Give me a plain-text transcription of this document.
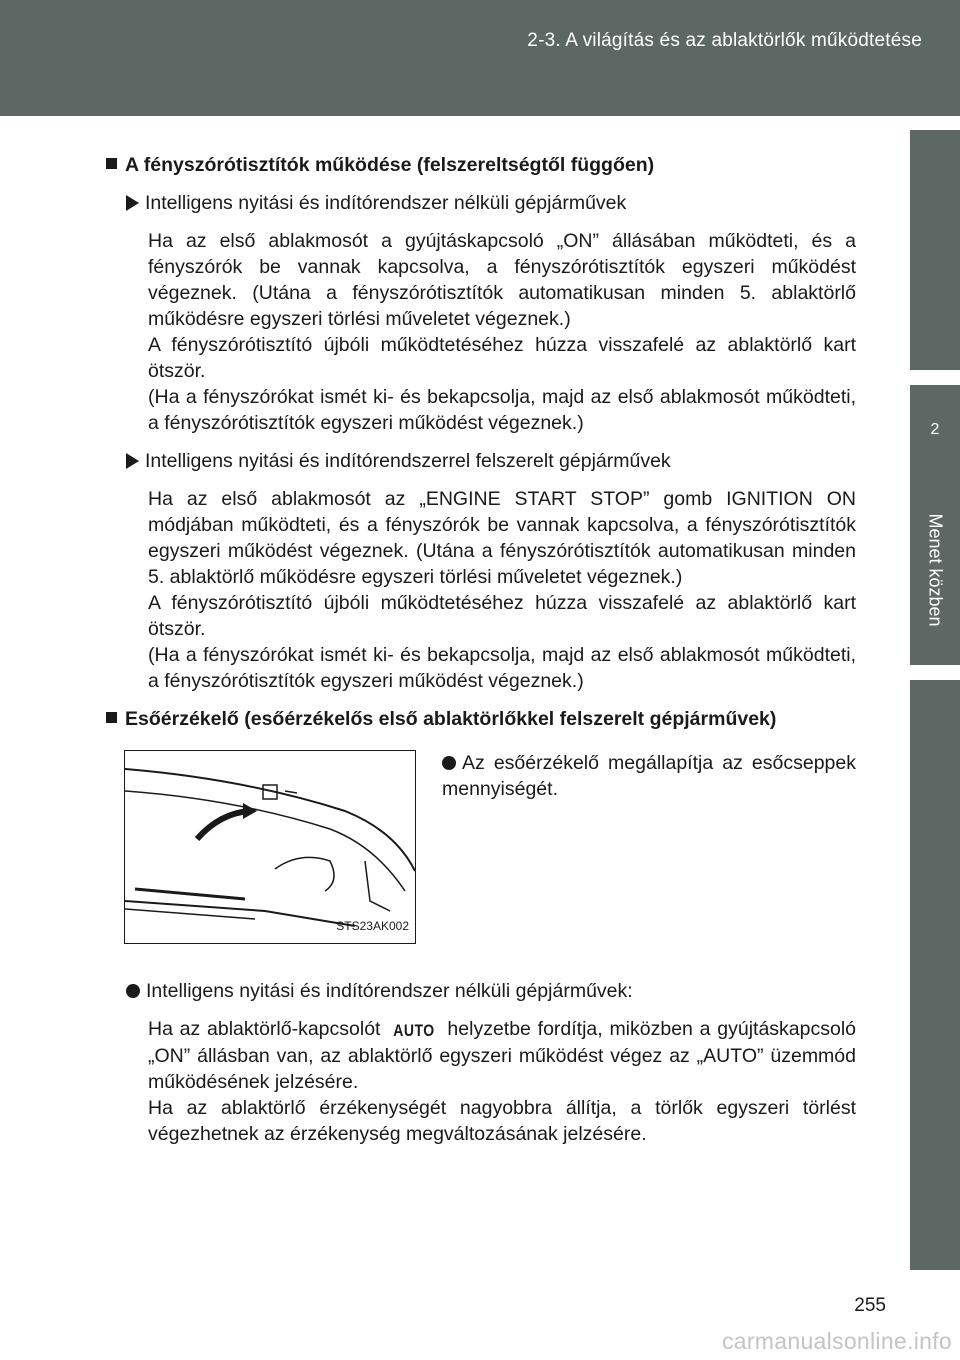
2-3. A világítás és az ablaktörlők működtetése
2
Menet közben
A fényszórótisztítók működése (felszereltségtől függően)
Intelligens nyitási és indítórendszer nélküli gépjárművek

Ha az első ablakmosót a gyújtáskapcsoló „ON” állásában működteti, és a fényszórók be vannak kapcsolva, a fényszórótisztítók egyszeri működést végeznek. (Utána a fényszórótisztítók automatikusan minden 5. ablaktörlő működésre egyszeri törlési műveletet végeznek.)

A fényszórótisztító újbóli működtetéséhez húzza visszafelé az ablaktörlő kart ötször.

(Ha a fényszórókat ismét ki- és bekapcsolja, majd az első ablakmosót működteti, a fényszórótisztítók egyszeri működést végeznek.)

Intelligens nyitási és indítórendszerrel felszerelt gépjárművek

Ha az első ablakmosót az „ENGINE START STOP” gomb IGNITION ON módjában működteti, és a fényszórók be vannak kapcsolva, a fényszórótisztítók egyszeri működést végeznek. (Utána a fényszórótisztítók automatikusan minden 5. ablaktörlő működésre egyszeri törlési műveletet végeznek.)

A fényszórótisztító újbóli működtetéséhez húzza visszafelé az ablaktörlő kart ötször.

(Ha a fényszórókat ismét ki- és bekapcsolja, majd az első ablakmosót működteti, a fényszórótisztítók egyszeri működést végeznek.)

Esőérzékelő (esőérzékelős első ablaktörlőkkel felszerelt gépjárművek)
STS23AK002
Az esőérzékelő megállapítja az esőcseppek mennyiségét.
Intelligens nyitási és indítórendszer nélküli gépjárművek:

Ha az ablaktörlő-kapcsolót AUTO helyzetbe fordítja, miközben a gyújtáskapcsoló „ON” állásban van, az ablaktörlő egyszeri működést végez az „AUTO” üzemmód működésének jelzésére.

Ha az ablaktörlő érzékenységét nagyobbra állítja, a törlők egyszeri törlést végezhetnek az érzékenység megváltozásának jelzésére.

255
carmanualsonline.info
